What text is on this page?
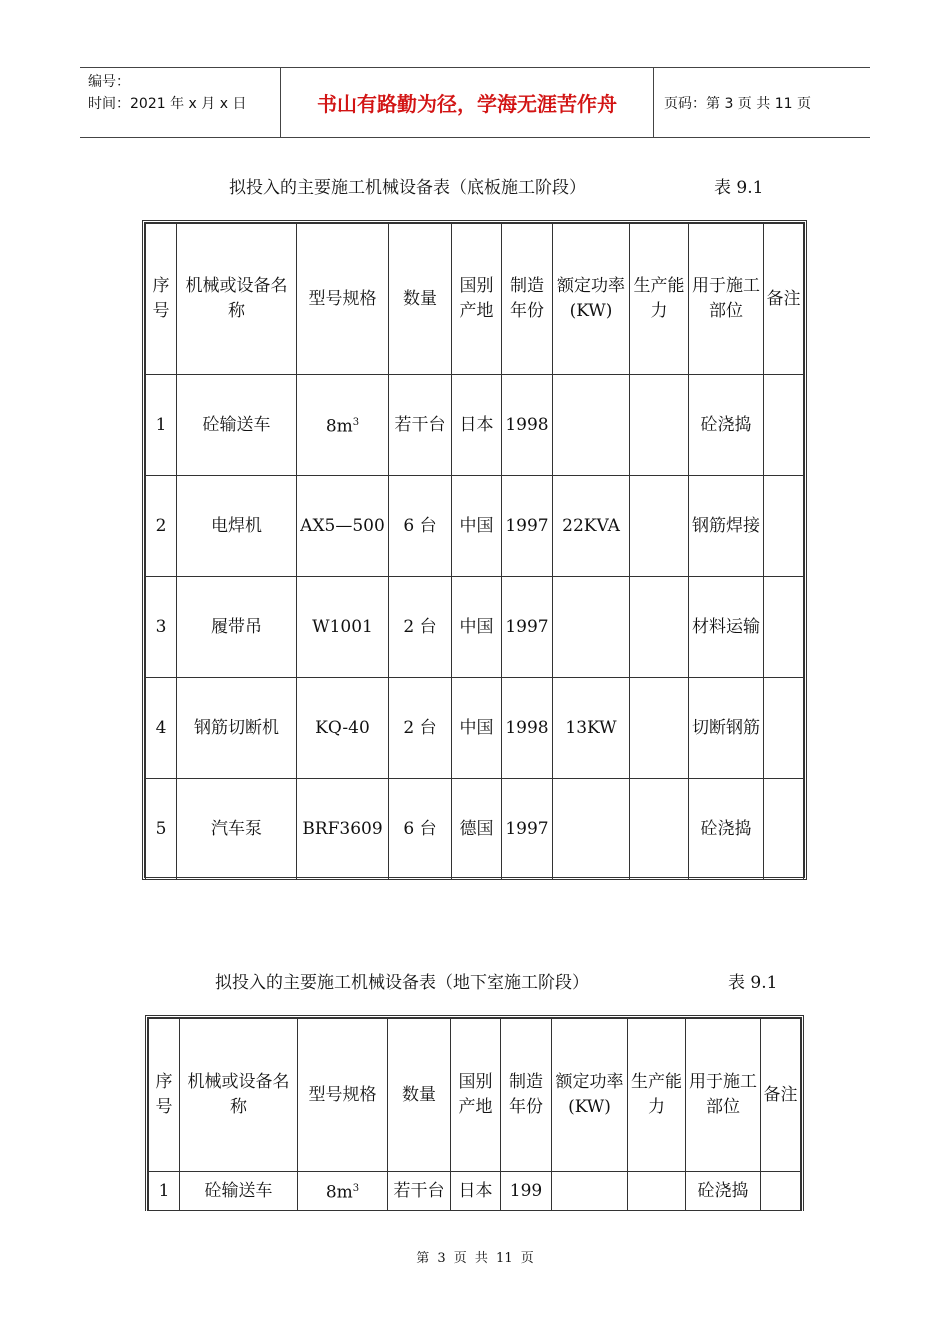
编号：
时间：2021 年 x 月 x 日	书山有路勤为径，学海无涯苦作舟	页码：第 3 页 共 11 页
拟投入的主要施工机械设备表（底板施工阶段）	表 9.1
序号	机械或设备名称	型号规格	数量	国别产地	制造年份	额定功率(KW)	生产能力	用于施工部位	备注
1	砼输送车	$8m^3$	若干台	日本	1998			砼浇捣	
2	电焊机	AX5—500	6 台	中国	1997	22KVA		钢筋焊接	
3	履带吊	W1001	2 台	中国	1997			材料运输	
4	钢筋切断机	KQ-40	2 台	中国	1998	13KW		切断钢筋	
5	汽车泵	BRF3609	6 台	德国	1997			砼浇捣	
拟投入的主要施工机械设备表（地下室施工阶段）	表 9.1
序号	机械或设备名称	型号规格	数量	国别产地	制造年份	额定功率(KW)	生产能力	用于施工部位	备注
1	砼输送车	$8m^3$	若干台	日本	199			砼浇捣	
第 3 页 共 11 页
